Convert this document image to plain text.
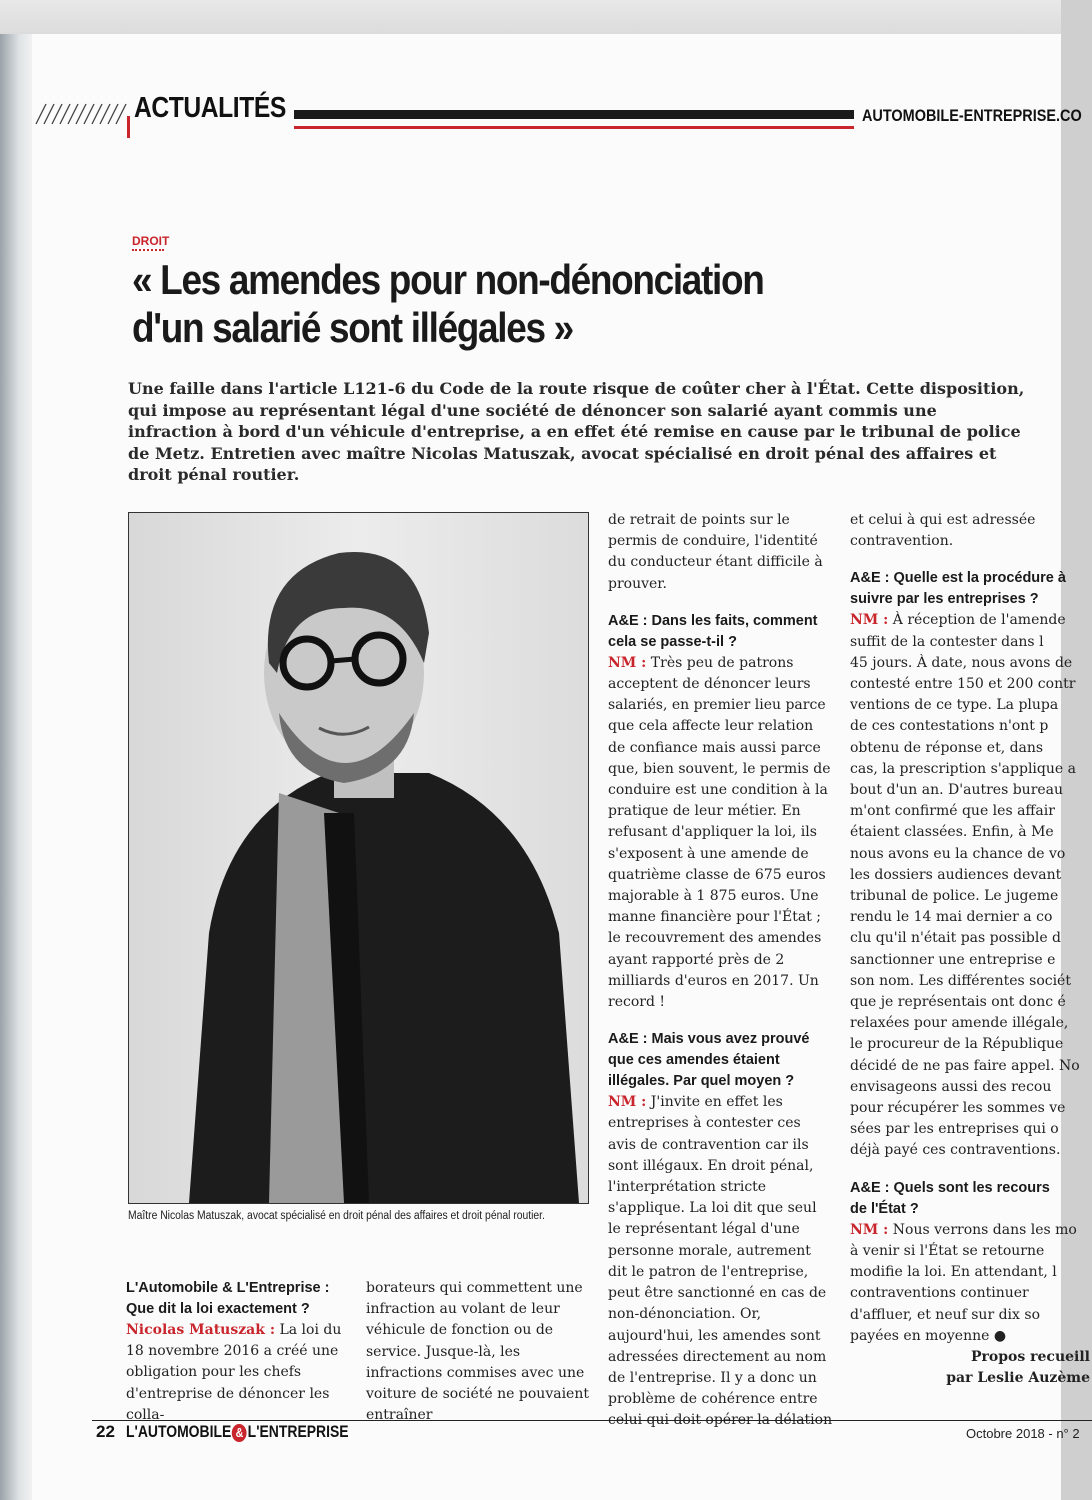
ACTUALITÉS	AUTOMOBILE-ENTREPRISE.CO
DROIT
« Les amendes pour non-dénonciation
d'un salarié sont illégales »

Une faille dans l'article L121-6 du Code de la route risque de coûter cher à l'État. Cette disposition, qui impose au représentant légal d'une société de dénoncer son salarié ayant commis une infraction à bord d'un véhicule d'entreprise, a en effet été remise en cause par le tribunal de police de Metz. Entretien avec maître Nicolas Matuszak, avocat spécialisé en droit pénal des affaires et droit pénal routier.

Maître Nicolas Matuszak, avocat spécialisé en droit pénal des affaires et droit pénal routier.

L'Automobile & L'Entreprise : Que dit la loi exactement ?

Nicolas Matuszak : La loi du 18 novembre 2016 a créé une obligation pour les chefs d'entreprise de dénoncer les colla-

borateurs qui commettent une infraction au volant de leur véhicule de fonction ou de service. Jusque-là, les infractions commises avec une voiture de société ne pouvaient entraîner

de retrait de points sur le permis de conduire, l'identité du conducteur étant difficile à prouver.

A&E : Dans les faits, comment cela se passe-t-il ?

NM : Très peu de patrons acceptent de dénoncer leurs salariés, en premier lieu parce que cela affecte leur relation de confiance mais aussi parce que, bien souvent, le permis de conduire est une condition à la pratique de leur métier. En refusant d'appliquer la loi, ils s'exposent à une amende de quatrième classe de 675 euros majorable à 1 875 euros. Une manne financière pour l'État ; le recouvrement des amendes ayant rapporté près de 2 milliards d'euros en 2017. Un record !

A&E : Mais vous avez prouvé que ces amendes étaient illégales. Par quel moyen ?

NM : J'invite en effet les entreprises à contester ces avis de contravention car ils sont illégaux. En droit pénal, l'interprétation stricte s'applique. La loi dit que seul le représentant légal d'une personne morale, autrement dit le patron de l'entreprise, peut être sanctionné en cas de non-dénonciation. Or, aujourd'hui, les amendes sont adressées directement au nom de l'entreprise. Il y a donc un problème de cohérence entre celui qui doit opérer la délation

et celui à qui est adressée
contravention.

A&E : Quelle est la procédure à
suivre par les entreprises ?

NM : À réception de l'amende
suffit de la contester dans l
45 jours. À date, nous avons de
contesté entre 150 et 200 contr
ventions de ce type. La plupa
de ces contestations n'ont p
obtenu de réponse et, dans
cas, la prescription s'applique a
bout d'un an. D'autres bureau
m'ont confirmé que les affair
étaient classées. Enfin, à Me
nous avons eu la chance de vo
les dossiers audiences devant
tribunal de police. Le jugeme
rendu le 14 mai dernier a co
clu qu'il n'était pas possible d
sanctionner une entreprise e
son nom. Les différentes sociét
que je représentais ont donc é
relaxées pour amende illégale,
le procureur de la République
décidé de ne pas faire appel. No
envisageons aussi des recou
pour récupérer les sommes ve
sées par les entreprises qui o
déjà payé ces contraventions.

A&E : Quels sont les recours
de l'État ?

NM : Nous verrons dans les mo
à venir si l'État se retourne
modifie la loi. En attendant, l
contraventions continuer
d'affluer, et neuf sur dix so
payées en moyenne ●

Propos recueill
par Leslie Auzème
22 L'AUTOMOBILE & L'ENTREPRISE	Octobre 2018 - n° 2
